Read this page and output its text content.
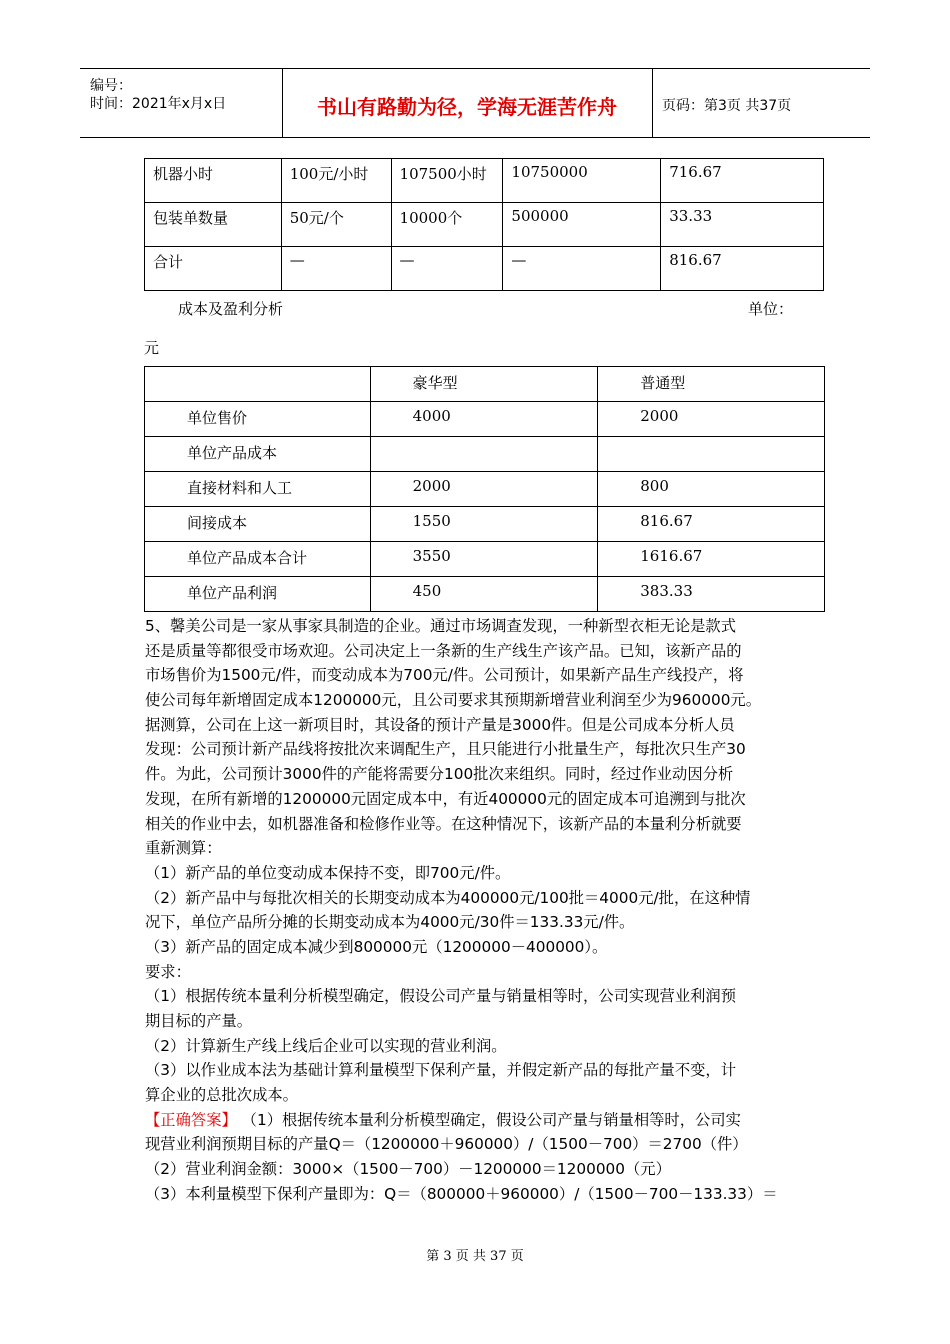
编号：
时间：2021年x月x日	书山有路勤为径，学海无涯苦作舟	页码：第3页 共37页
机器小时	100元/小时	107500小时	10750000	716.67

包装单数量	50元/个	10000个	500000	33.33

合计	—	—	—	816.67
成本及盈利分析	单位：
元

	豪华型	普通型

单位售价	4000	2000

单位产品成本		

直接材料和人工	2000	800

间接成本	1550	816.67

单位产品成本合计	3550	1616.67

单位产品利润	450	383.33
5、馨美公司是一家从事家具制造的企业。通过市场调查发现，一种新型衣柜无论是款式
还是质量等都很受市场欢迎。公司决定上一条新的生产线生产该产品。已知，该新产品的
市场售价为1500元/件，而变动成本为700元/件。公司预计，如果新产品生产线投产，将
使公司每年新增固定成本1200000元，且公司要求其预期新增营业利润至少为960000元。
据测算，公司在上这一新项目时，其设备的预计产量是3000件。但是公司成本分析人员
发现：公司预计新产品线将按批次来调配生产，且只能进行小批量生产，每批次只生产30
件。为此，公司预计3000件的产能将需要分100批次来组织。同时，经过作业动因分析
发现，在所有新增的1200000元固定成本中，有近400000元的固定成本可追溯到与批次
相关的作业中去，如机器准备和检修作业等。在这种情况下，该新产品的本量利分析就要
重新测算：
（1）新产品的单位变动成本保持不变，即700元/件。
（2）新产品中与每批次相关的长期变动成本为400000元/100批＝4000元/批，在这种情
况下，单位产品所分摊的长期变动成本为4000元/30件＝133.33元/件。
（3）新产品的固定成本减少到800000元（1200000－400000）。
要求：
（1）根据传统本量利分析模型确定，假设公司产量与销量相等时，公司实现营业利润预
期目标的产量。
（2）计算新生产线上线后企业可以实现的营业利润。
（3）以作业成本法为基础计算利量模型下保利产量，并假定新产品的每批产量不变，计
算企业的总批次成本。
【正确答案】 （1）根据传统本量利分析模型确定，假设公司产量与销量相等时，公司实
现营业利润预期目标的产量Q＝（1200000＋960000）/（1500－700）＝2700（件）
（2）营业利润金额：3000×（1500－700）－1200000＝1200000（元）
（3）本利量模型下保利产量即为：Q＝（800000＋960000）/（1500－700－133.33）＝
第 3 页 共 37 页
